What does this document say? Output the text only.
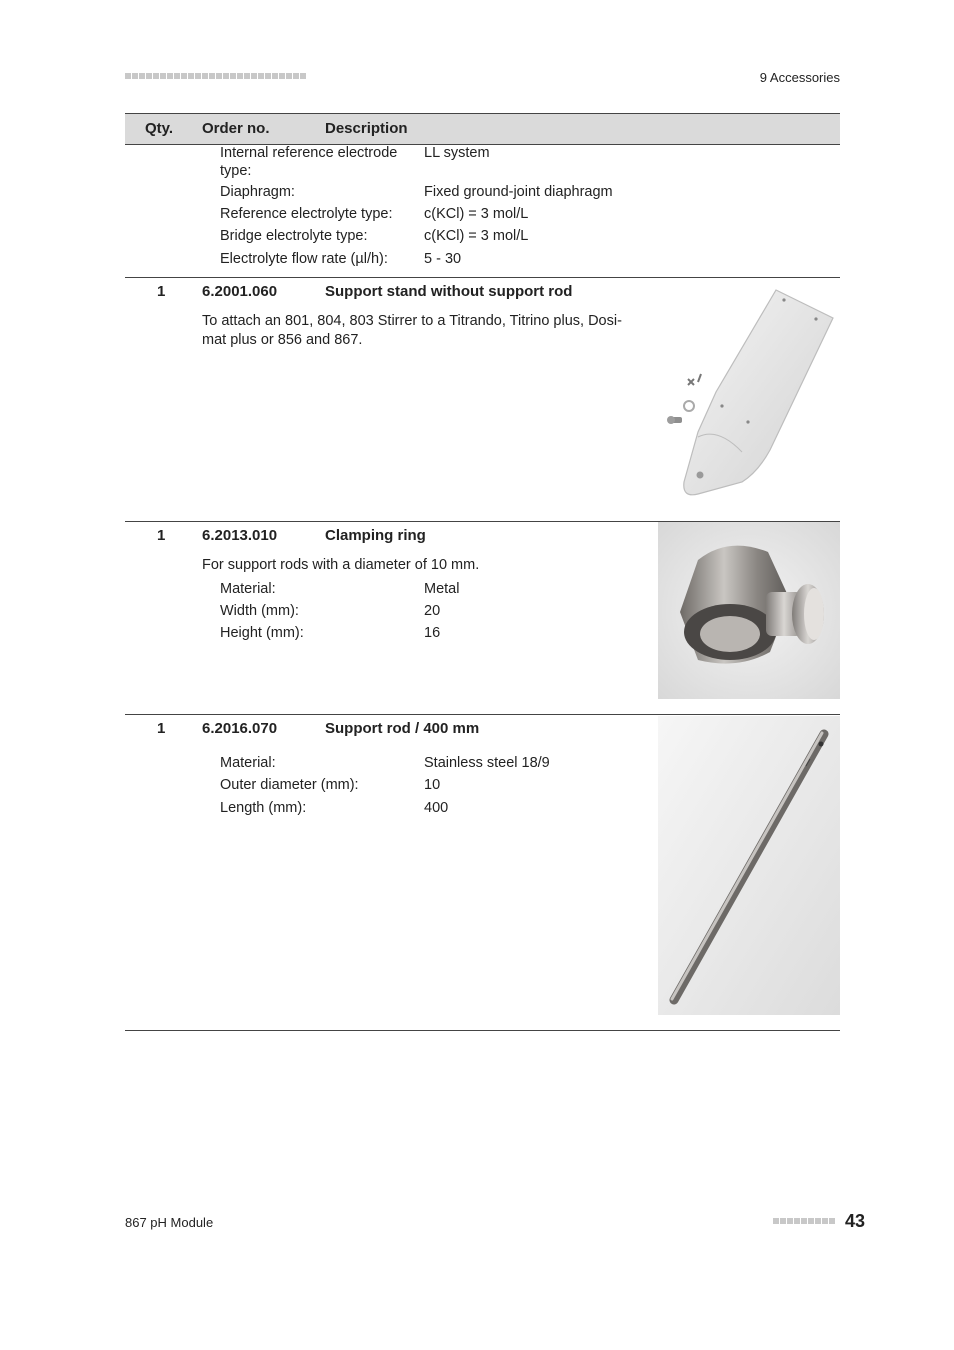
9 Accessories
Qty. Order no.	Description
Internal reference electrode type:
LL system
Diaphragm:	Fixed ground-joint diaphragm
Reference electrolyte type: c(KCl) = 3 mol/L
Bridge electrolyte type:	c(KCl) = 3 mol/L
Electrolyte flow rate (µl/h): 5 - 30
1 6.2001.060	Support stand without support rod
To attach an 801, 804, 803 Stirrer to a Titrando, Titrino plus, Dosi-
mat plus or 856 and 867.
1 6.2013.010	Clamping ring
For support rods with a diameter of 10 mm.
Material:	Metal
Width (mm):	20
Height (mm):	16
1 6.2016.070	Support rod / 400 mm
Material:	Stainless steel 18/9
Outer diameter (mm):	10
Length (mm):	400
867 pH Module	43
